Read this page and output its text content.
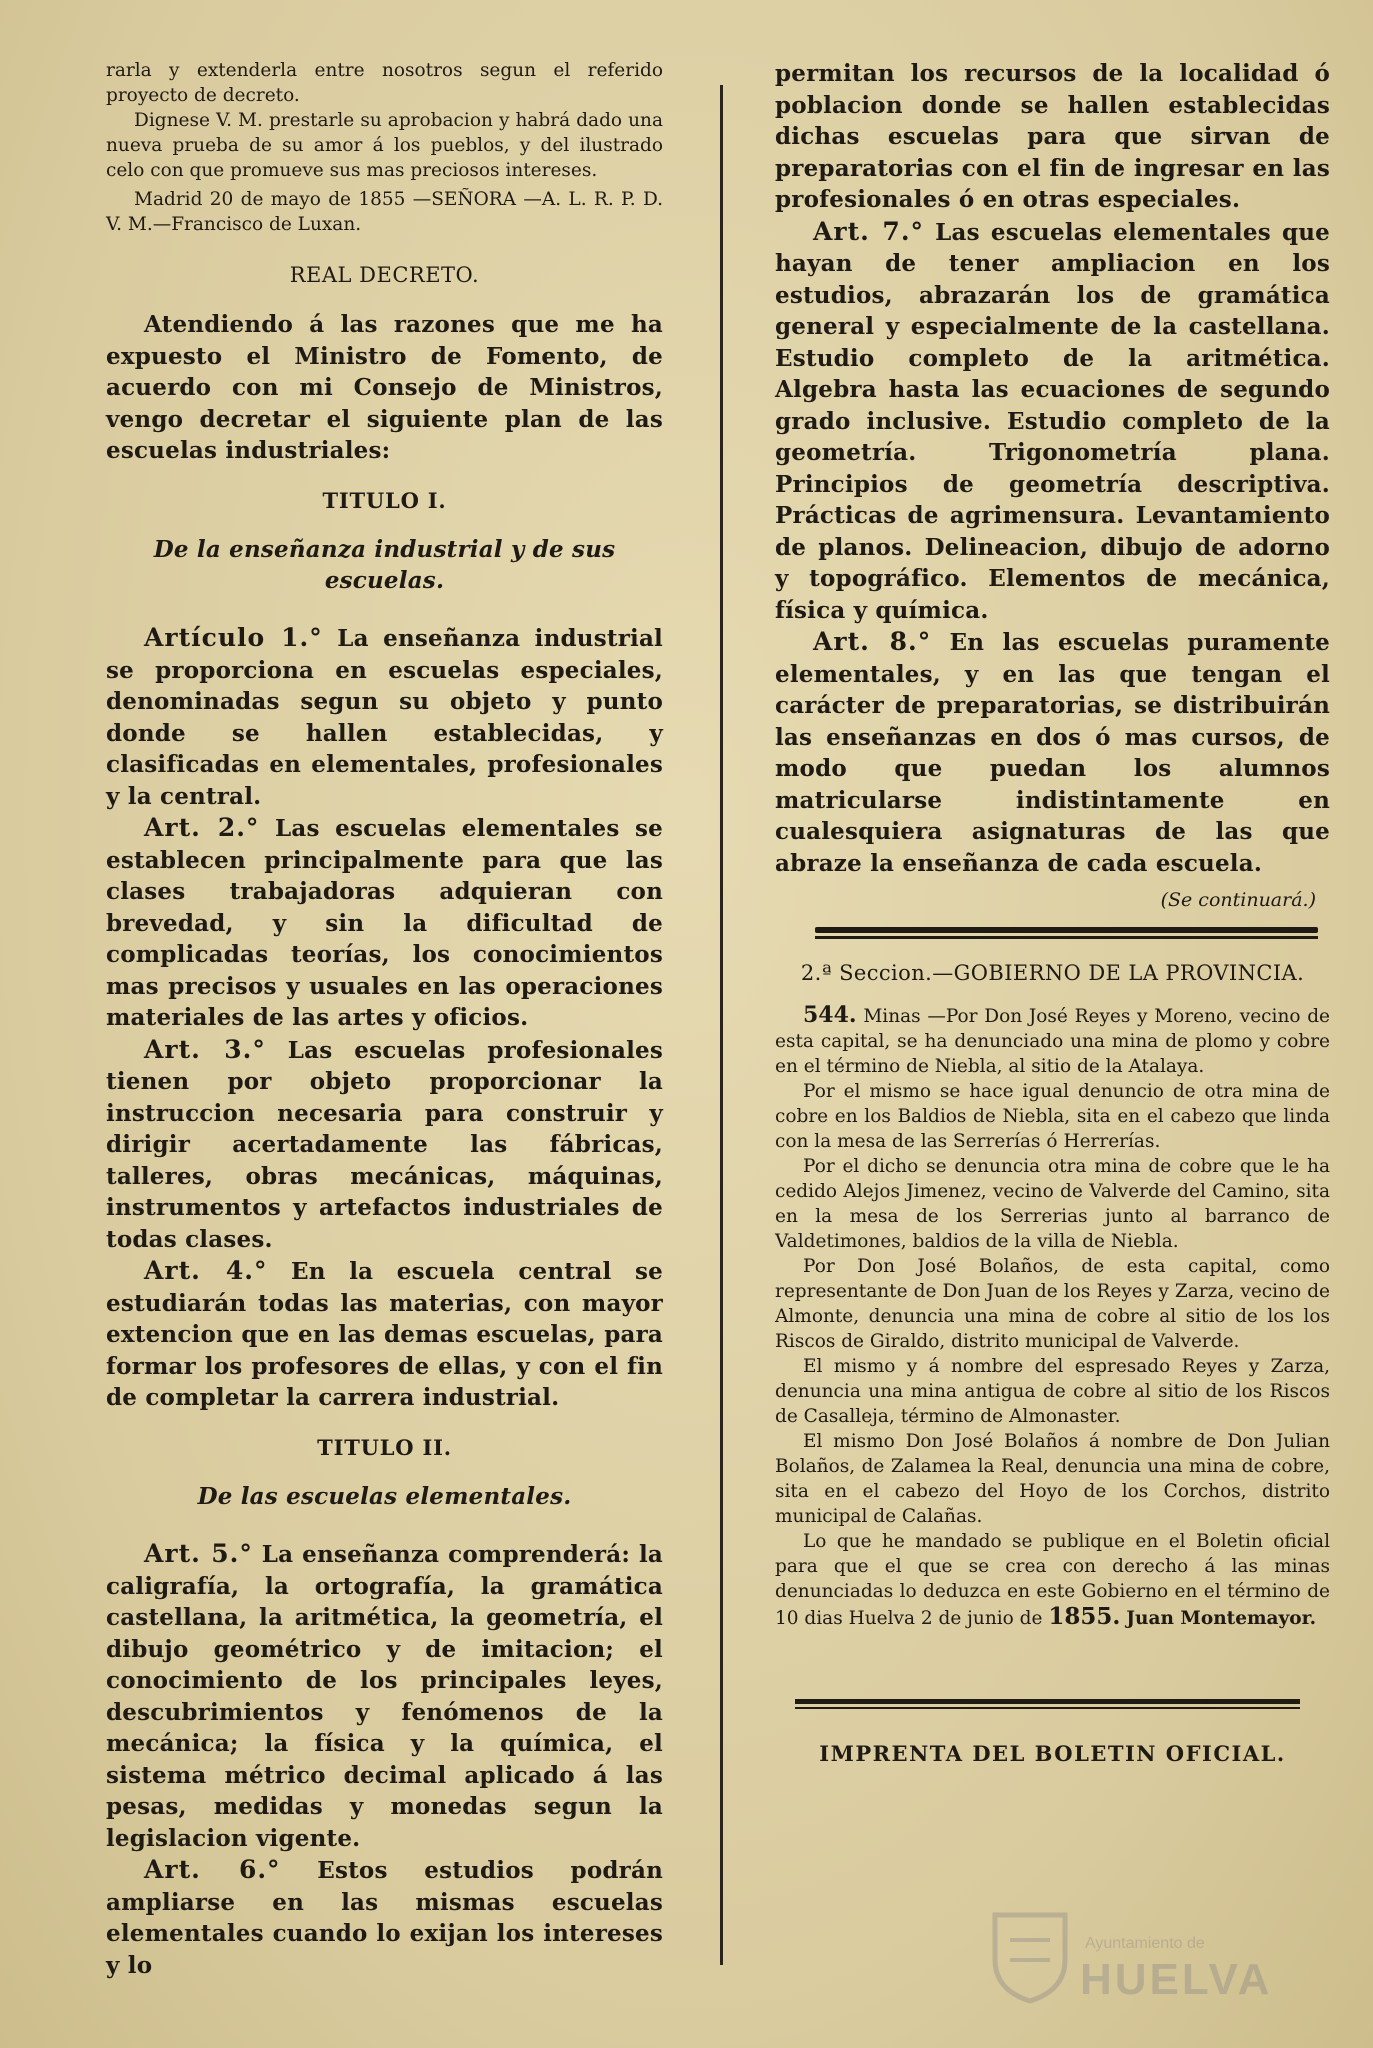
rarla y extenderla entre nosotros segun el referido proyecto de decreto.

Dignese V. M. prestarle su aprobacion y habrá dado una nueva prueba de su amor á los pueblos, y del ilustrado celo con que promueve sus mas preciosos intereses.

Madrid 20 de mayo de 1855 —SEÑORA —A. L. R. P. D. V. M.—Francisco de Luxan.

REAL DECRETO.

Atendiendo á las razones que me ha expuesto el Ministro de Fomento, de acuerdo con mi Consejo de Ministros, vengo decretar el siguiente plan de las escuelas industriales:

TITULO I.
De la enseñanza industrial y de sus escuelas.

Artículo 1.° La enseñanza industrial se proporciona en escuelas especiales, denominadas segun su objeto y punto donde se hallen establecidas, y clasificadas en elementales, profesionales y la central.

Art. 2.° Las escuelas elementales se establecen principalmente para que las clases trabajadoras adquieran con brevedad, y sin la dificultad de complicadas teorías, los conocimientos mas precisos y usuales en las operaciones materiales de las artes y oficios.

Art. 3.° Las escuelas profesionales tienen por objeto proporcionar la instruccion necesaria para construir y dirigir acertadamente las fábricas, talleres, obras mecánicas, máquinas, instrumentos y artefactos industriales de todas clases.

Art. 4.° En la escuela central se estudiarán todas las materias, con mayor extencion que en las demas escuelas, para formar los profesores de ellas, y con el fin de completar la carrera industrial.

TITULO II.
De las escuelas elementales.

Art. 5.° La enseñanza comprenderá: la caligrafía, la ortografía, la gramática castellana, la aritmética, la geometría, el dibujo geométrico y de imitacion; el conocimiento de los principales leyes, descubrimientos y fenómenos de la mecánica; la física y la química, el sistema métrico decimal aplicado á las pesas, medidas y monedas segun la legislacion vigente.

Art. 6.° Estos estudios podrán ampliarse en las mismas escuelas elementales cuando lo exijan los intereses y lo

permitan los recursos de la localidad ó poblacion donde se hallen establecidas dichas escuelas para que sirvan de preparatorias con el fin de ingresar en las profesionales ó en otras especiales.

Art. 7.° Las escuelas elementales que hayan de tener ampliacion en los estudios, abrazarán los de gramática general y especialmente de la castellana. Estudio completo de la aritmética. Algebra hasta las ecuaciones de segundo grado inclusive. Estudio completo de la geometría. Trigonometría plana. Principios de geometría descriptiva. Prácticas de agrimensura. Levantamiento de planos. Delineacion, dibujo de adorno y topográfico. Elementos de mecánica, física y química.

Art. 8.° En las escuelas puramente elementales, y en las que tengan el carácter de preparatorias, se distribuirán las enseñanzas en dos ó mas cursos, de modo que puedan los alumnos matricularse indistintamente en cualesquiera asignaturas de las que abraze la enseñanza de cada escuela.

(Se continuará.)
2.ª Seccion.—GOBIERNO DE LA PROVINCIA.

544. Minas —Por Don José Reyes y Moreno, vecino de esta capital, se ha denunciado una mina de plomo y cobre en el término de Niebla, al sitio de la Atalaya.

Por el mismo se hace igual denuncio de otra mina de cobre en los Baldios de Niebla, sita en el cabezo que linda con la mesa de las Serrerías ó Herrerías.

Por el dicho se denuncia otra mina de cobre que le ha cedido Alejos Jimenez, vecino de Valverde del Camino, sita en la mesa de los Serrerias junto al barranco de Valdetimones, baldios de la villa de Niebla.

Por Don José Bolaños, de esta capital, como representante de Don Juan de los Reyes y Zarza, vecino de Almonte, denuncia una mina de cobre al sitio de los los Riscos de Giraldo, distrito municipal de Valverde.

El mismo y á nombre del espresado Reyes y Zarza, denuncia una mina antigua de cobre al sitio de los Riscos de Casalleja, término de Almonaster.

El mismo Don José Bolaños á nombre de Don Julian Bolaños, de Zalamea la Real, denuncia una mina de cobre, sita en el cabezo del Hoyo de los Corchos, distrito municipal de Calañas.

Lo que he mandado se publique en el Boletin oficial para que el que se crea con derecho á las minas denunciadas lo deduzca en este Gobierno en el término de 10 dias Huelva 2 de junio de 1855. Juan Montemayor.

IMPRENTA DEL BOLETIN OFICIAL.
Ayuntamiento de
HUELVA
